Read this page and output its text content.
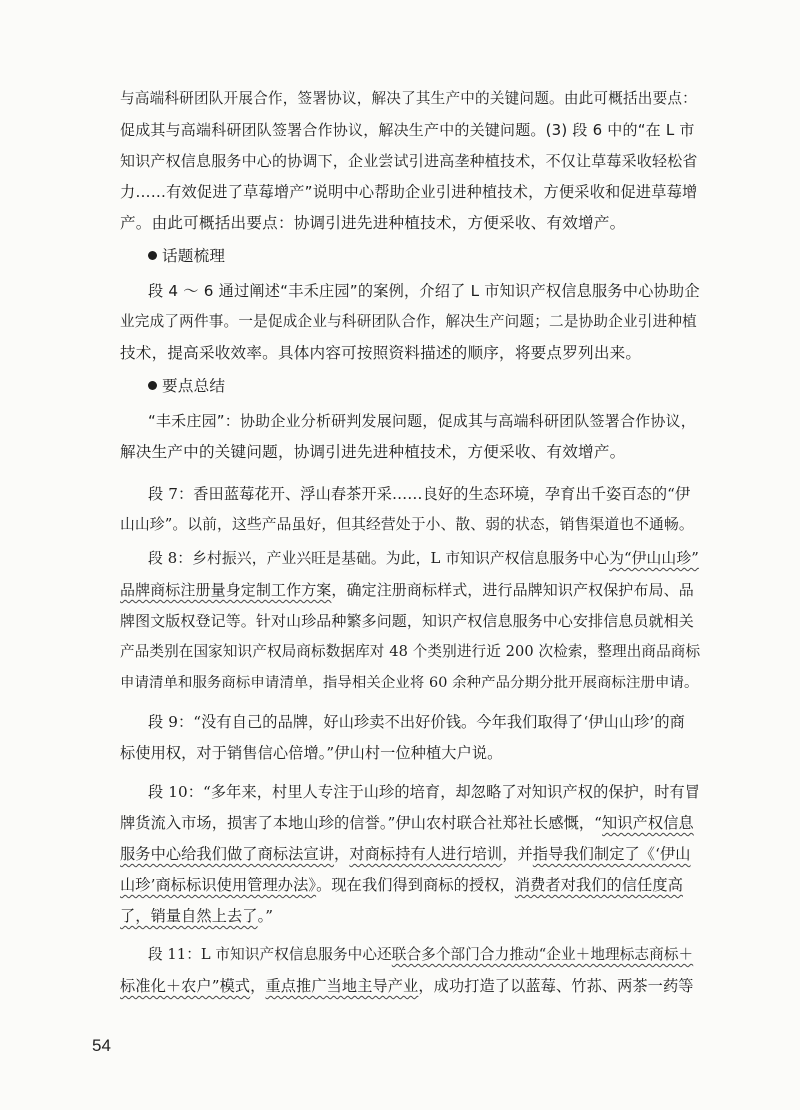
与高端科研团队开展合作，签署协议，解决了其生产中的关键问题。由此可概括出要点：
促成其与高端科研团队签署合作协议，解决生产中的关键问题。(3) 段 6 中的“在 L 市
知识产权信息服务中心的协调下，企业尝试引进高垄种植技术，不仅让草莓采收轻松省
力……有效促进了草莓增产”说明中心帮助企业引进种植技术，方便采收和促进草莓增
产。由此可概括出要点：协调引进先进种植技术，方便采收、有效增产。
话题梳理
段 4 ～ 6 通过阐述“丰禾庄园”的案例，介绍了 L 市知识产权信息服务中心协助企
业完成了两件事。一是促成企业与科研团队合作，解决生产问题；二是协助企业引进种植
技术，提高采收效率。具体内容可按照资料描述的顺序，将要点罗列出来。
要点总结
“丰禾庄园”：协助企业分析研判发展问题，促成其与高端科研团队签署合作协议，
解决生产中的关键问题，协调引进先进种植技术，方便采收、有效增产。
段 7：香田蓝莓花开、浮山春茶开采……良好的生态环境，孕育出千姿百态的“伊
山山珍”。以前，这些产品虽好，但其经营处于小、散、弱的状态，销售渠道也不通畅。
段 8：乡村振兴，产业兴旺是基础。为此，L 市知识产权信息服务中心为“伊山山珍”
品牌商标注册量身定制工作方案，确定注册商标样式，进行品牌知识产权保护布局、品
牌图文版权登记等。针对山珍品种繁多问题，知识产权信息服务中心安排信息员就相关
产品类别在国家知识产权局商标数据库对 48 个类别进行近 200 次检索，整理出商品商标
申请清单和服务商标申请清单，指导相关企业将 60 余种产品分期分批开展商标注册申请。
段 9：“没有自己的品牌，好山珍卖不出好价钱。今年我们取得了‘伊山山珍’的商
标使用权，对于销售信心倍增。”伊山村一位种植大户说。
段 10：“多年来，村里人专注于山珍的培育，却忽略了对知识产权的保护，时有冒
牌货流入市场，损害了本地山珍的信誉。”伊山农村联合社郑社长感慨，“知识产权信息
服务中心给我们做了商标法宣讲，对商标持有人进行培训，并指导我们制定了《‘伊山
山珍’商标标识使用管理办法》。现在我们得到商标的授权，消费者对我们的信任度高
了，销量自然上去了。”
段 11：L 市知识产权信息服务中心还联合多个部门合力推动“企业＋地理标志商标＋
标准化＋农户”模式，重点推广当地主导产业，成功打造了以蓝莓、竹荪、两茶一药等
54
